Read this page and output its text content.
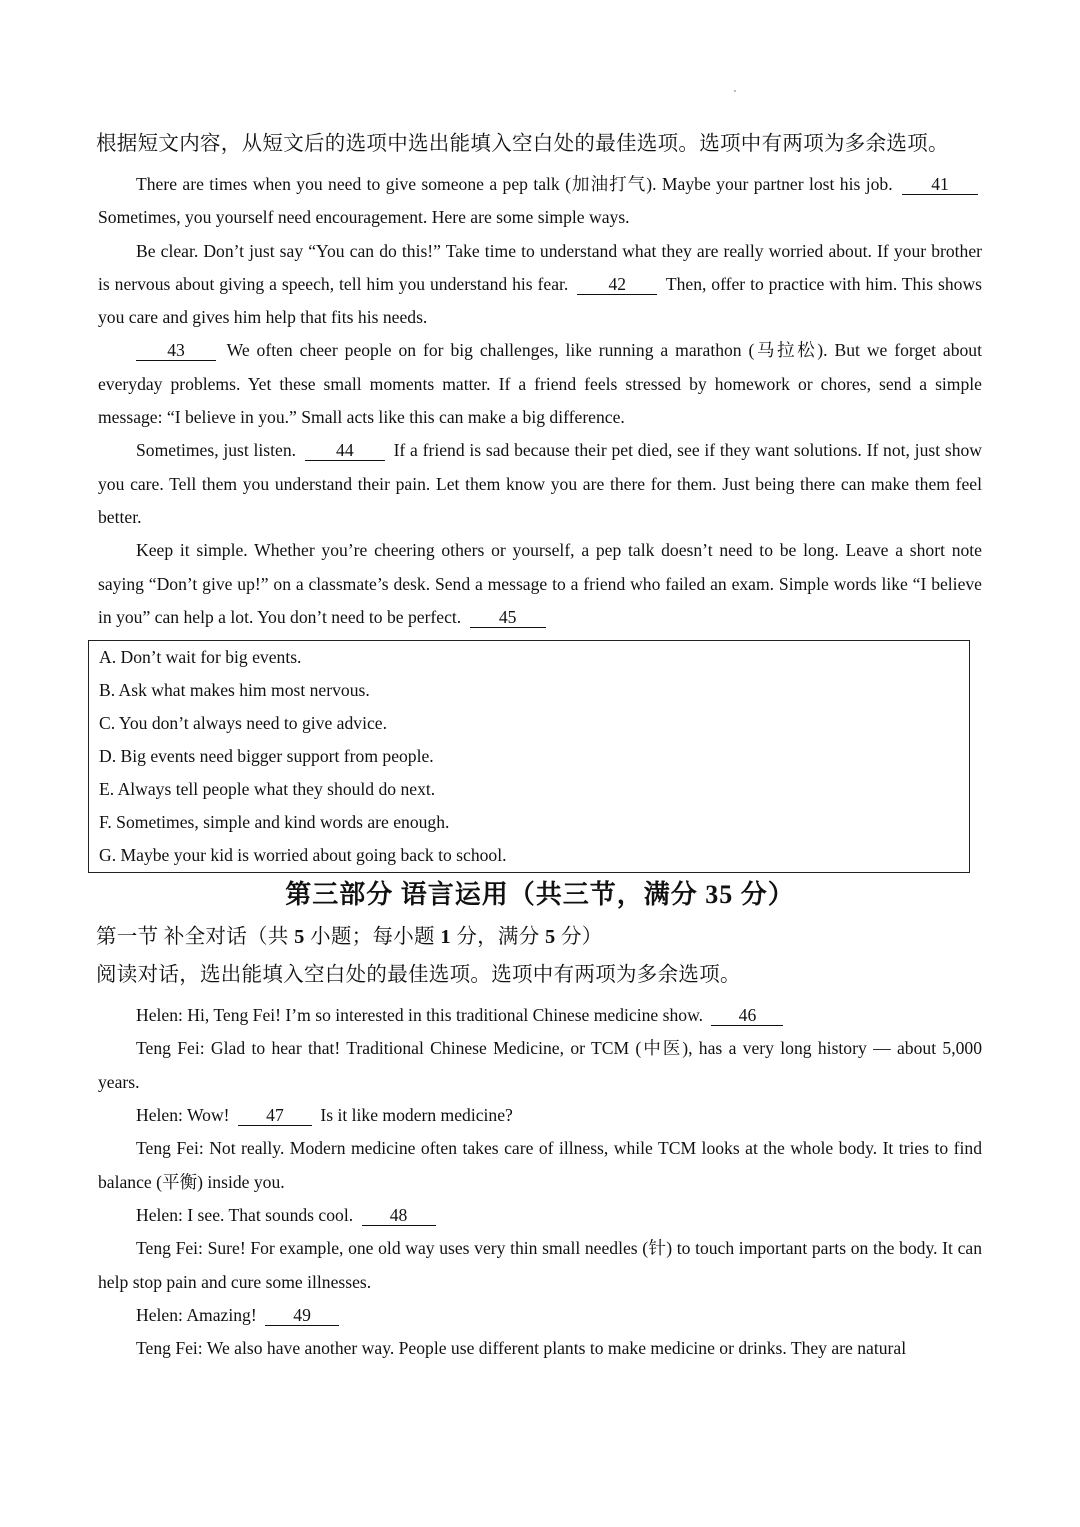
根据短文内容，从短文后的选项中选出能填入空白处的最佳选项。选项中有两项为多余选项。

There are times when you need to give someone a pep talk (加油打气). Maybe your partner lost his job. 41 Sometimes, you yourself need encouragement. Here are some simple ways.

Be clear. Don’t just say “You can do this!” Take time to understand what they are really worried about. If your brother is nervous about giving a speech, tell him you understand his fear. 42 Then, offer to practice with him. This shows you care and gives him help that fits his needs.

43 We often cheer people on for big challenges, like running a marathon (马拉松). But we forget about everyday problems. Yet these small moments matter. If a friend feels stressed by homework or chores, send a simple message: “I believe in you.” Small acts like this can make a big difference.

Sometimes, just listen. 44 If a friend is sad because their pet died, see if they want solutions. If not, just show you care. Tell them you understand their pain. Let them know you are there for them. Just being there can make them feel better.

Keep it simple. Whether you’re cheering others or yourself, a pep talk doesn’t need to be long. Leave a short note saying “Don’t give up!” on a classmate’s desk. Send a message to a friend who failed an exam. Simple words like “I believe in you” can help a lot. You don’t need to be perfect. 45

A. Don’t wait for big events.
B. Ask what makes him most nervous.
C. You don’t always need to give advice.
D. Big events need bigger support from people.
E. Always tell people what they should do next.
F. Sometimes, simple and kind words are enough.
G. Maybe your kid is worried about going back to school.
第三部分 语言运用（共三节，满分 35 分）
第一节 补全对话（共 5 小题；每小题 1 分，满分 5 分）
阅读对话，选出能填入空白处的最佳选项。选项中有两项为多余选项。

Helen: Hi, Teng Fei! I’m so interested in this traditional Chinese medicine show. 46

Teng Fei: Glad to hear that! Traditional Chinese Medicine, or TCM (中医), has a very long history — about 5,000 years.

Helen: Wow! 47 Is it like modern medicine?

Teng Fei: Not really. Modern medicine often takes care of illness, while TCM looks at the whole body. It tries to find balance (平衡) inside you.

Helen: I see. That sounds cool. 48

Teng Fei: Sure! For example, one old way uses very thin small needles (针) to touch important parts on the body. It can help stop pain and cure some illnesses.

Helen: Amazing! 49

Teng Fei: We also have another way. People use different plants to make medicine or drinks. They are natural
